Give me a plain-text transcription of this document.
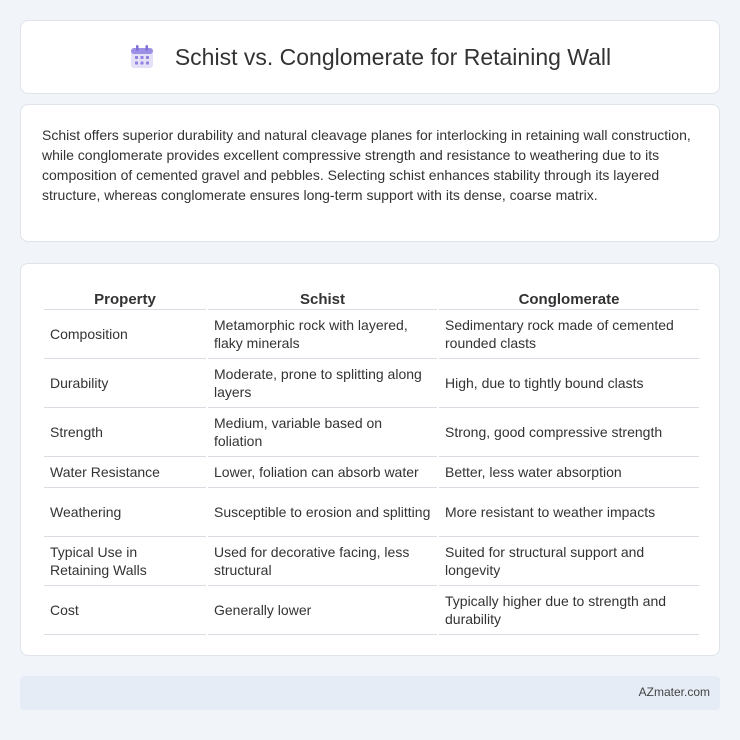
Schist vs. Conglomerate for Retaining Wall

Schist offers superior durability and natural cleavage planes for interlocking in retaining wall construction, while conglomerate provides excellent compressive strength and resistance to weathering due to its composition of cemented gravel and pebbles. Selecting schist enhances stability through its layered structure, whereas conglomerate ensures long-term support with its dense, coarse matrix.

Property	Schist	Conglomerate
Composition	Metamorphic rock with layered, flaky minerals	Sedimentary rock made of cemented rounded clasts
Durability	Moderate, prone to splitting along layers	High, due to tightly bound clasts
Strength	Medium, variable based on foliation	Strong, good compressive strength
Water Resistance	Lower, foliation can absorb water	Better, less water absorption
Weathering	Susceptible to erosion and splitting	More resistant to weather impacts
Typical Use in Retaining Walls	Used for decorative facing, less structural	Suited for structural support and longevity
Cost	Generally lower	Typically higher due to strength and durability
AZmater.com
